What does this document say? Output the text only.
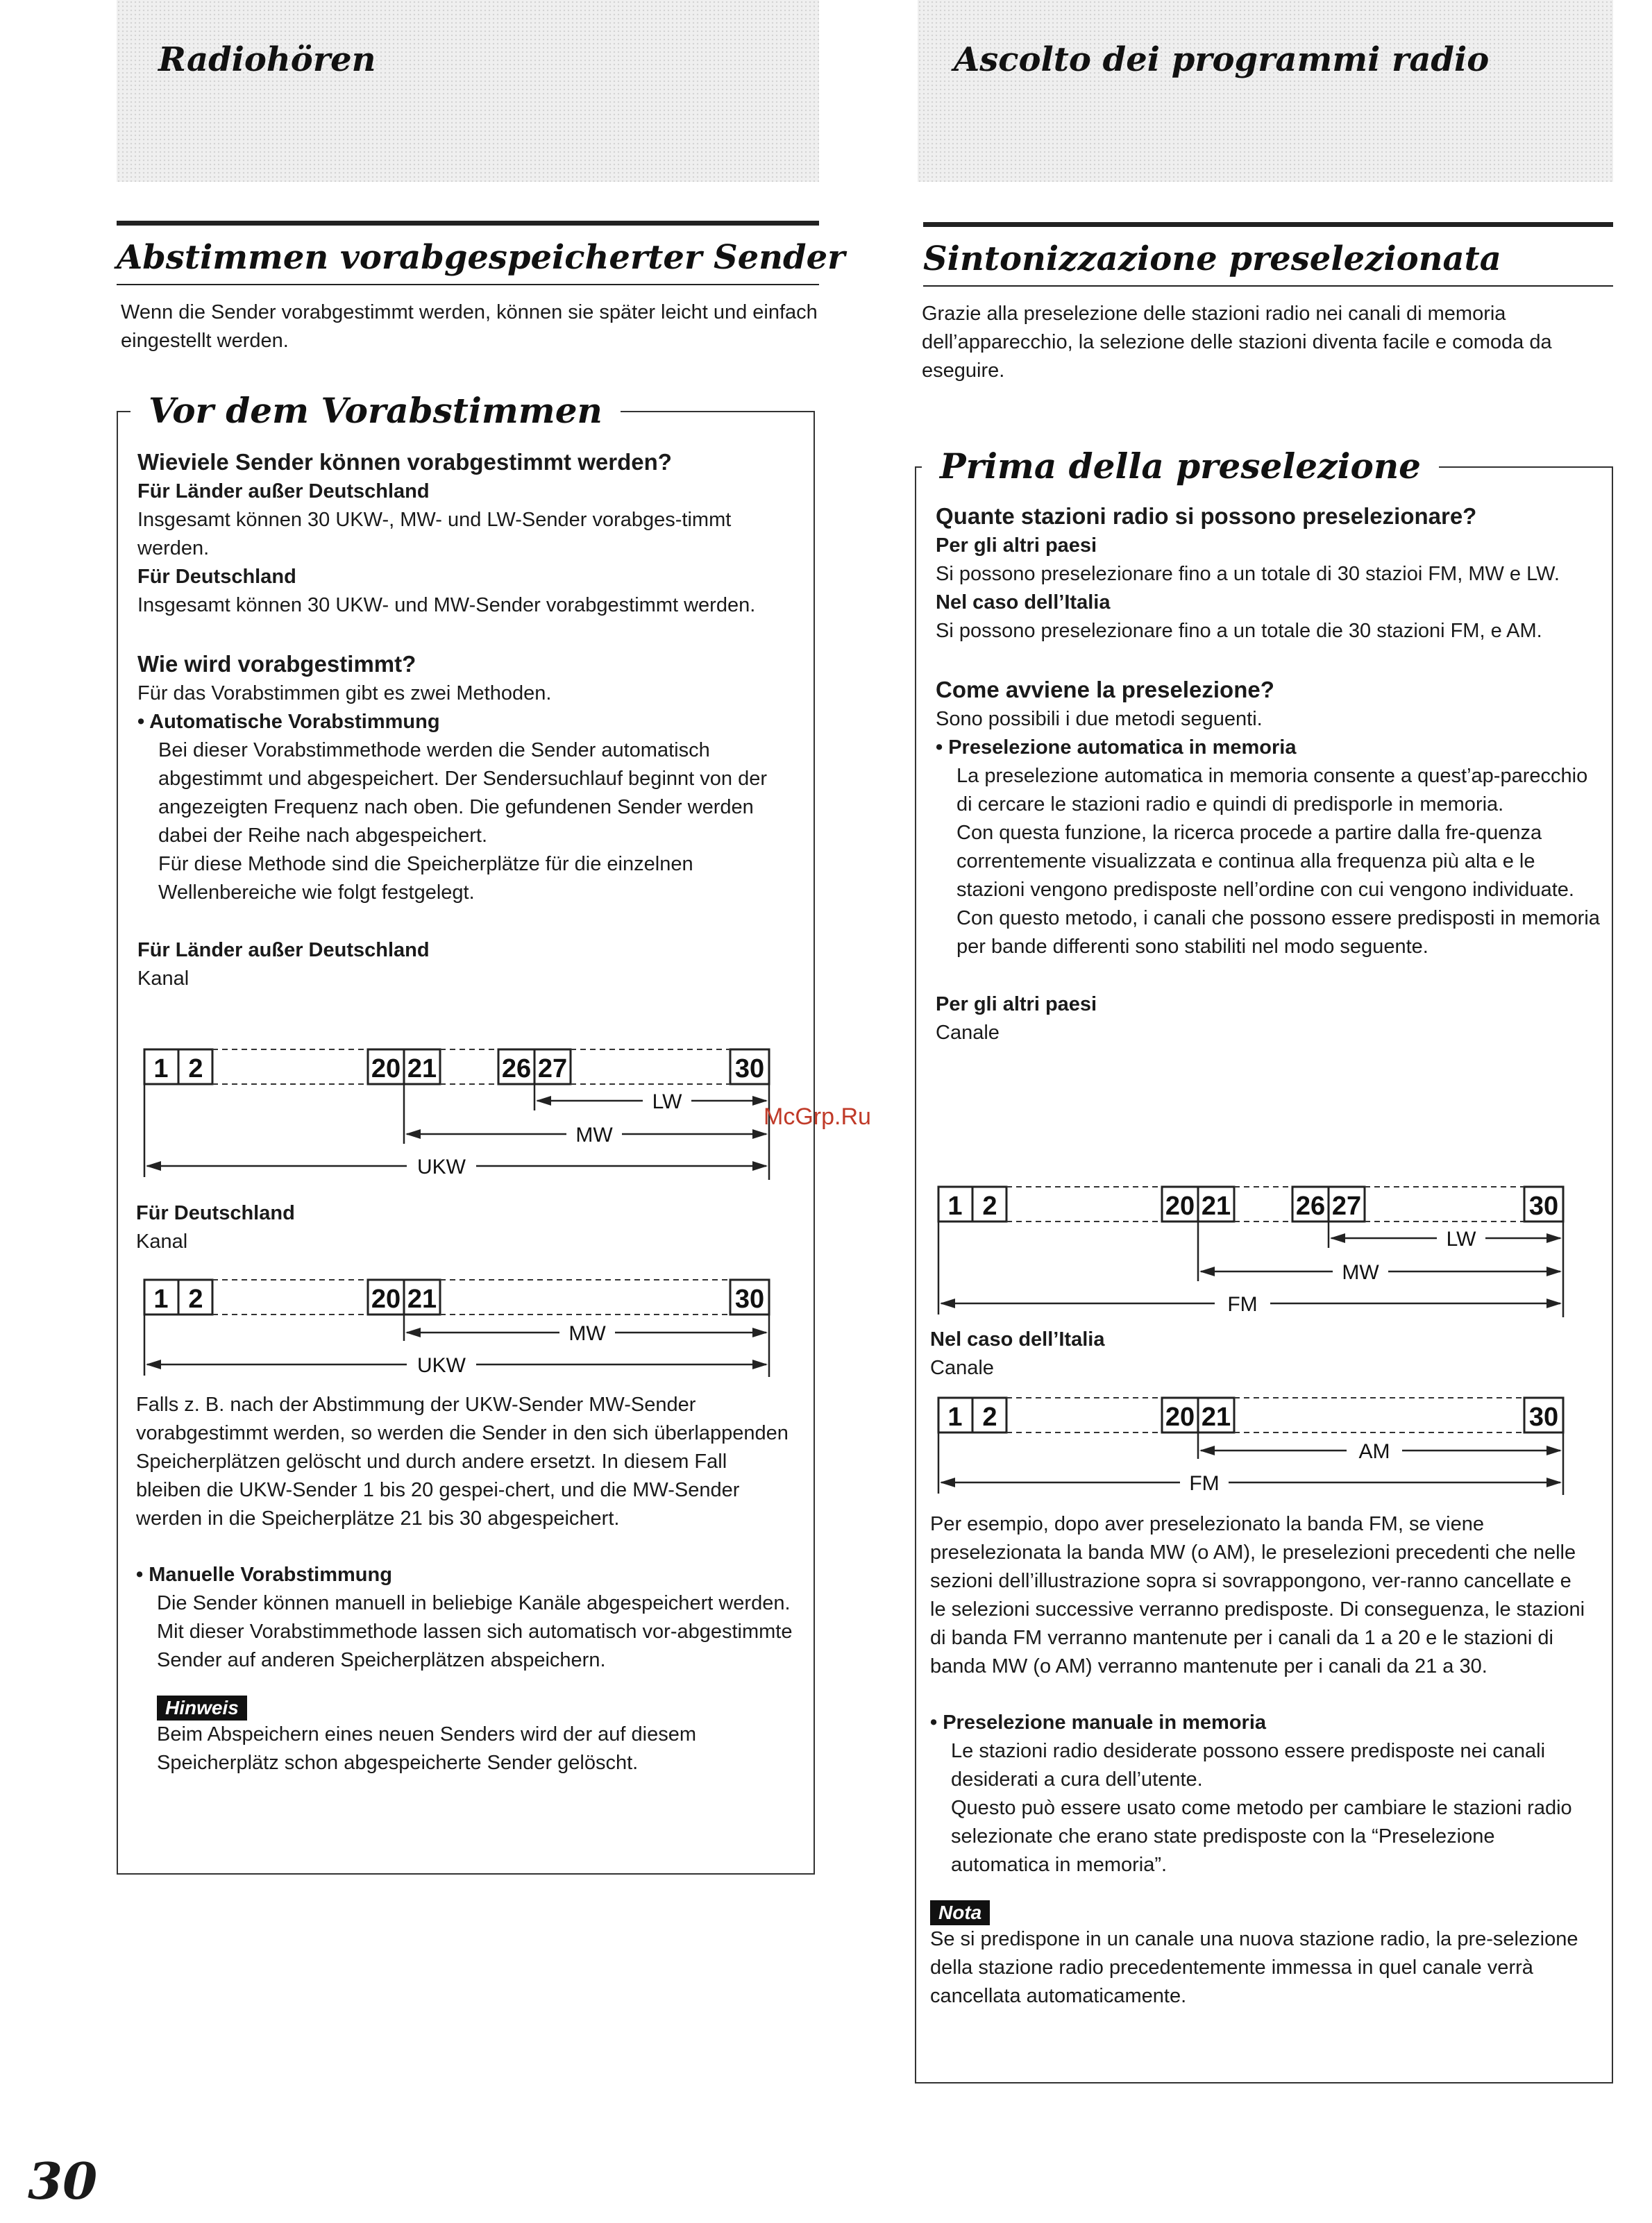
Radiohören	Ascolto dei programmi radio
Abstimmen vorabgespeicherter Sender Sintonizzazione preselezionata

Wenn die Sender vorabgestimmt werden, können sie später leicht und einfach eingestellt werden.

Vor dem Vorabstimmen

Wieviele Sender können vorabgestimmt werden?

Für Länder außer Deutschland

Insgesamt können 30 UKW-, MW- und LW-Sender vorabges-timmt werden.

Für Deutschland

Insgesamt können 30 UKW- und MW-Sender vorabgestimmt werden.

Wie wird vorabgestimmt?

Für das Vorabstimmen gibt es zwei Methoden.

• Automatische Vorabstimmung

Bei dieser Vorabstimmethode werden die Sender automatisch abgestimmt und abgespeichert. Der Sendersuchlauf beginnt von der angezeigten Frequenz nach oben. Die gefundenen Sender werden dabei der Reihe nach abgespeichert.

Für diese Methode sind die Speicherplätze für die einzelnen Wellenbereiche wie folgt festgelegt.

Für Länder außer Deutschland

Kanal

1 2	20 21 26 27	30
LW
MW
UKW

Für Deutschland

Kanal

1 2	20 21	30
MW
UKW

Falls z. B. nach der Abstimmung der UKW-Sender MW-Sender vorabgestimmt werden, so werden die Sender in den sich überlappenden Speicherplätzen gelöscht und durch andere ersetzt. In diesem Fall bleiben die UKW-Sender 1 bis 20 gespei-chert, und die MW-Sender werden in die Speicherplätze 21 bis 30 abgespeichert.

• Manuelle Vorabstimmung

Die Sender können manuell in beliebige Kanäle abgespeichert werden.

Mit dieser Vorabstimmethode lassen sich automatisch vor-abgestimmte Sender auf anderen Speicherplätzen abspeichern.

Hinweis

Beim Abspeichern eines neuen Senders wird der auf diesem Speicherplätz schon abgespeicherte Sender gelöscht.

Grazie alla preselezione delle stazioni radio nei canali di memoria dell’apparecchio, la selezione delle stazioni diventa facile e comoda da eseguire.

Prima della preselezione

Quante stazioni radio si possono preselezionare?

Per gli altri paesi

Si possono preselezionare fino a un totale di 30 stazioi FM, MW e LW.

Nel caso dell’Italia

Si possono preselezionare fino a un totale die 30 stazioni FM, e AM.

Come avviene la preselezione?

Sono possibili i due metodi seguenti.

• Preselezione automatica in memoria

La preselezione automatica in memoria consente a quest’ap-parecchio di cercare le stazioni radio e quindi di predisporle in memoria.

Con questa funzione, la ricerca procede a partire dalla fre-quenza correntemente visualizzata e continua alla frequenza più alta e le stazioni vengono predisposte nell’ordine con cui vengono individuate.

Con questo metodo, i canali che possono essere predisposti in memoria per bande differenti sono stabiliti nel modo seguente.

Per gli altri paesi

Canale

1 2	20 21 26 27	30
LW
MW
FM

Nel caso dell’Italia

Canale

1 2	20 21	30
AM
FM

Per esempio, dopo aver preselezionato la banda FM, se viene preselezionata la banda MW (o AM), le preselezioni precedenti che nelle sezioni dell’illustrazione sopra si sovrappongono, ver-ranno cancellate e le selezioni successive verranno predisposte. Di conseguenza, le stazioni di banda FM verranno mantenute per i canali da 1 a 20 e le stazioni di banda MW (o AM) verranno mantenute per i canali da 21 a 30.

• Preselezione manuale in memoria

Le stazioni radio desiderate possono essere predisposte nei canali desiderati a cura dell’utente.

Questo può essere usato come metodo per cambiare le stazioni radio selezionate che erano state predisposte con la “Preselezione automatica in memoria”.

Nota

Se si predispone in un canale una nuova stazione radio, la pre-selezione della stazione radio precedentemente immessa in quel canale verrà cancellata automaticamente.

McGrp.Ru
30
